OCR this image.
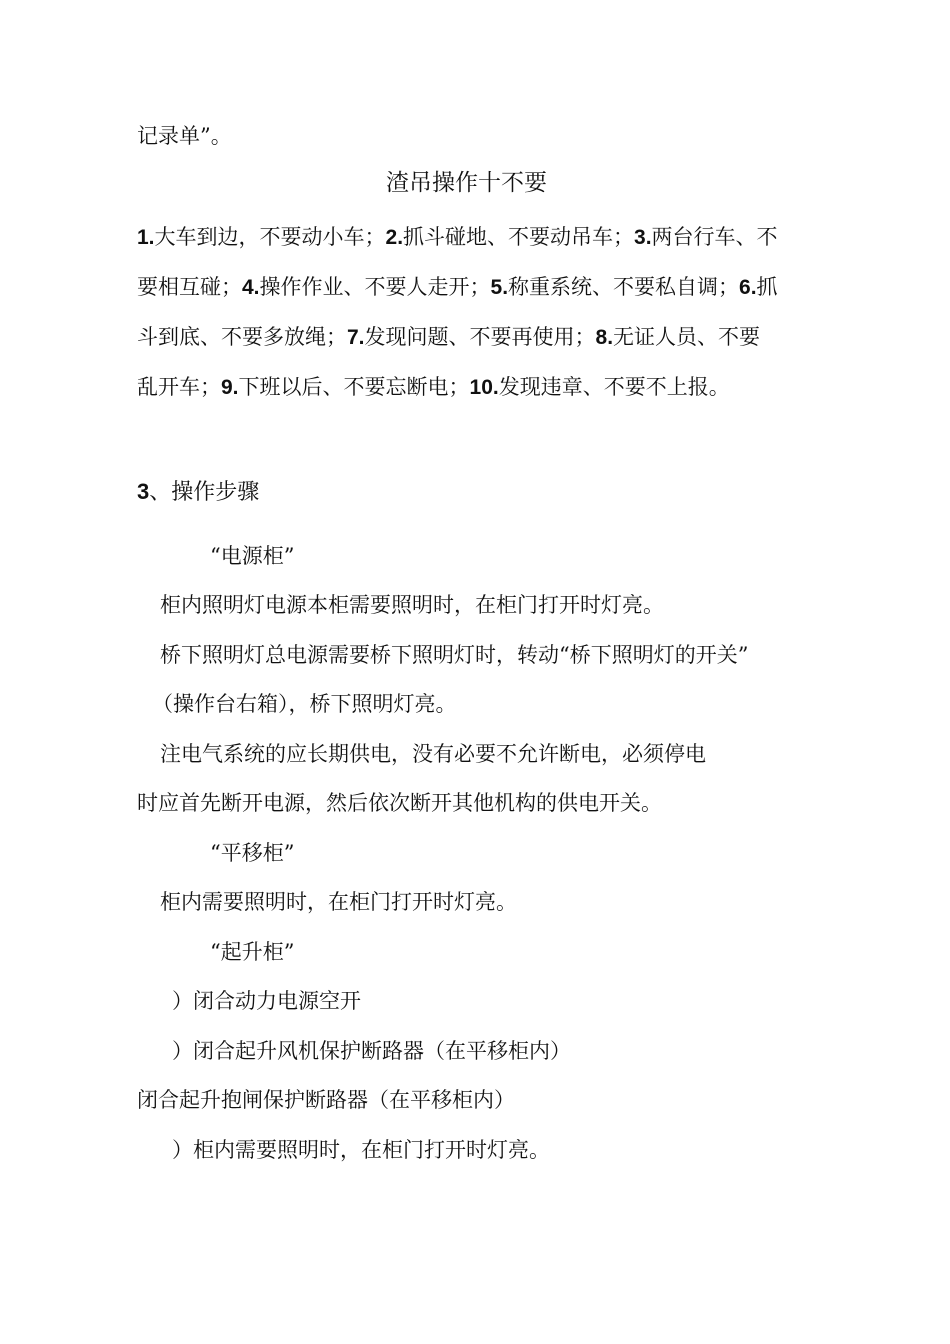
记录单”。
渣吊操作十不要
1.大车到边，不要动小车；2.抓斗碰地、不要动吊车；3.两台行车、不
要相互碰；4.操作作业、不要人走开；5.称重系统、不要私自调；6.抓
斗到底、不要多放绳；7.发现问题、不要再使用；8.无证人员、不要
乱开车；9.下班以后、不要忘断电；10.发现违章、不要不上报。
3、操作步骤
“电源柜”
柜内照明灯电源本柜需要照明时，在柜门打开时灯亮。
桥下照明灯总电源需要桥下照明灯时，转动“桥下照明灯的开关”
（操作台右箱），桥下照明灯亮。
注电气系统的应长期供电，没有必要不允许断电，必须停电
时应首先断开电源，然后依次断开其他机构的供电开关。
“平移柜”
柜内需要照明时，在柜门打开时灯亮。
“起升柜”
）闭合动力电源空开
）闭合起升风机保护断路器（在平移柜内）
闭合起升抱闸保护断路器（在平移柜内）
）柜内需要照明时，在柜门打开时灯亮。
